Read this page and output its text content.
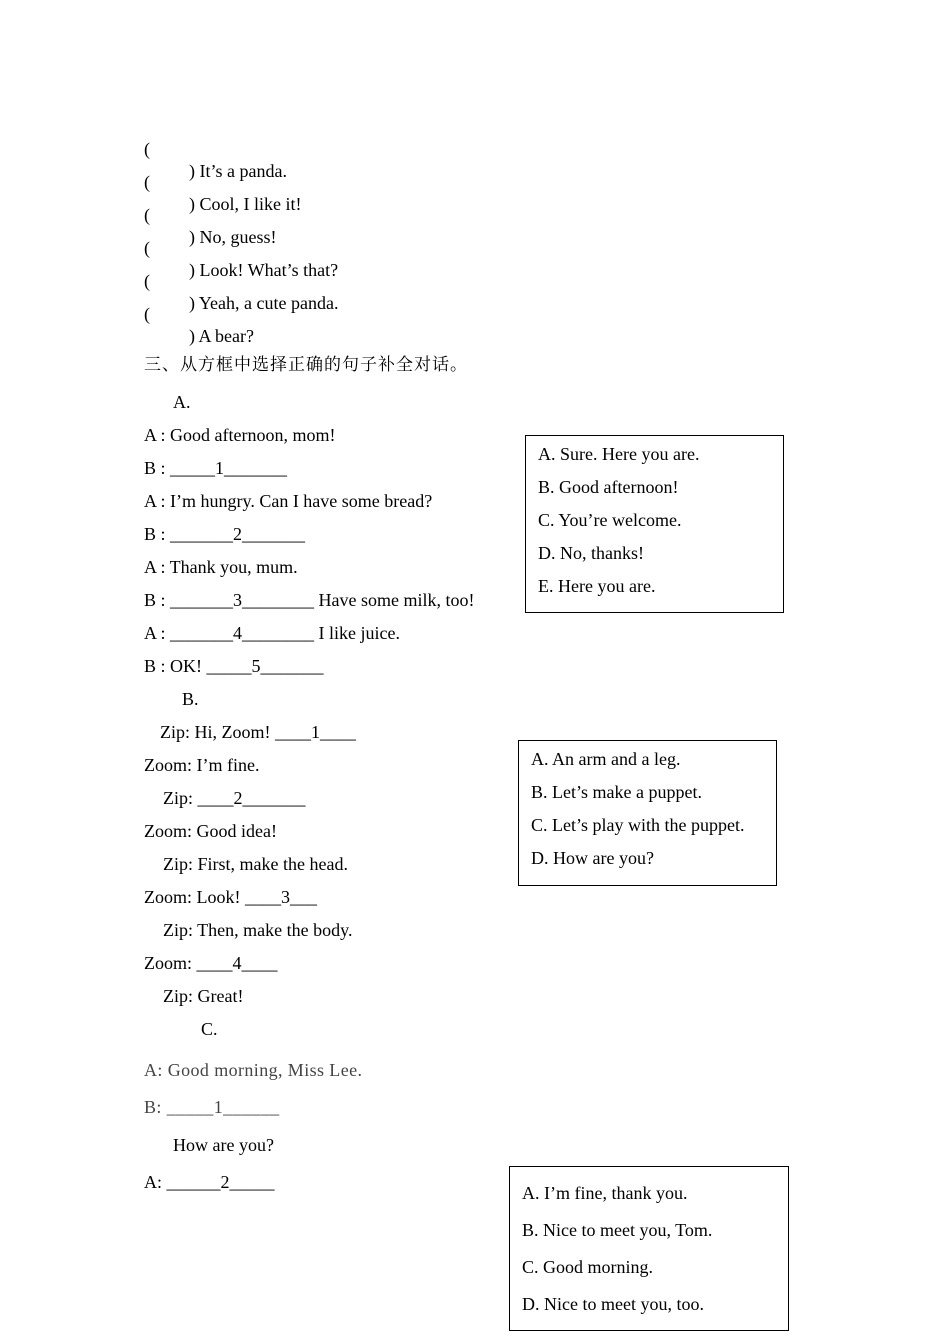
(

) It’s a panda.

(

) Cool, I like it!

(

) No, guess!

(

) Look! What’s that?

(

) Yeah, a cute panda.

(

) A bear?

三、从方框中选择正确的句子补全对话。
A.
A : Good afternoon, mom!
B : _____1_______
A : I’m hungry. Can I have some bread?
B : _______2_______
A : Thank you, mum.
B : _______3________ Have some milk, too!
A : _______4________ I like juice.
B : OK! _____5_______
A. Sure. Here you are.
B. Good afternoon!
C. You’re welcome.
D. No, thanks!
E. Here you are.
B.
Zip: Hi, Zoom! ____1____
Zoom: I’m fine.
Zip: ____2_______
Zoom: Good idea!
Zip: First, make the head.
Zoom: Look! ____3___
Zip: Then, make the body.
Zoom: ____4____
Zip: Great!
A. An arm and a leg.
B. Let’s make a puppet.
C. Let’s play with the puppet.
D. How are you?
C.
A: Good morning, Miss Lee.
B: _____1______
How are you?
A: ______2_____
A. I’m fine, thank you.
B. Nice to meet you, Tom.
C. Good morning.
D. Nice to meet you, too.
